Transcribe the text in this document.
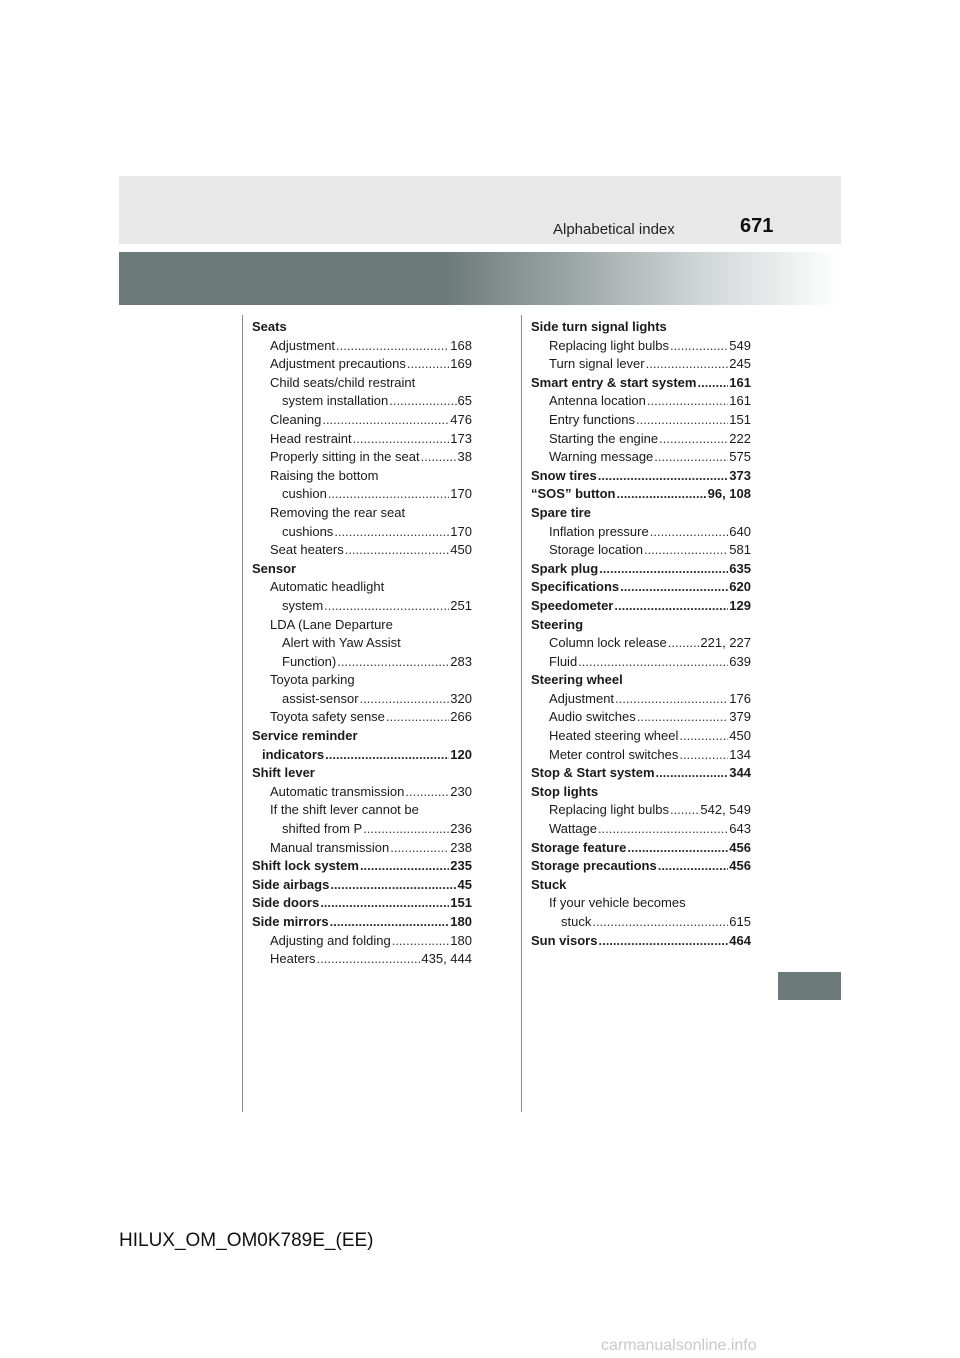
Alphabetical index	671
Seats
Adjustment .....	168
Adjustment precautions .....	169
Child seats/child restraint
system installation .....	65
Cleaning .....	476
Head restraint .....	173
Properly sitting in the seat .....	38
Raising the bottom
cushion .....	170
Removing the rear seat
cushions .....	170
Seat heaters .....	450
Sensor
Automatic headlight
system .....	251
LDA (Lane Departure
Alert with Yaw Assist
Function) .....	283
Toyota parking
assist-sensor .....	320
Toyota safety sense .....	266
Service reminder
indicators .....	120
Shift lever
Automatic transmission .....	230
If the shift lever cannot be
shifted from P .....	236
Manual transmission .....	238
Shift lock system .....	235
Side airbags .....	45
Side doors .....	151
Side mirrors .....	180
Adjusting and folding .....	180
Heaters .....	435, 444
Side turn signal lights
Replacing light bulbs .....	549
Turn signal lever .....	245
Smart entry & start system .....	161
Antenna location .....	161
Entry functions .....	151
Starting the engine .....	222
Warning message .....	575
Snow tires .....	373
“SOS” button .....	96, 108
Spare tire
Inflation pressure .....	640
Storage location .....	581
Spark plug .....	635
Specifications .....	620
Speedometer .....	129
Steering
Column lock release .....	221, 227
Fluid .....	639
Steering wheel
Adjustment .....	176
Audio switches .....	379
Heated steering wheel .....	450
Meter control switches .....	134
Stop & Start system .....	344
Stop lights
Replacing light bulbs ..... 542, 549
Wattage .....	643
Storage feature .....	456
Storage precautions .....	456
Stuck
If your vehicle becomes
stuck .....	615
Sun visors .....	464
HILUX_OM_OM0K789E_(EE)
carmanualsonline.info
